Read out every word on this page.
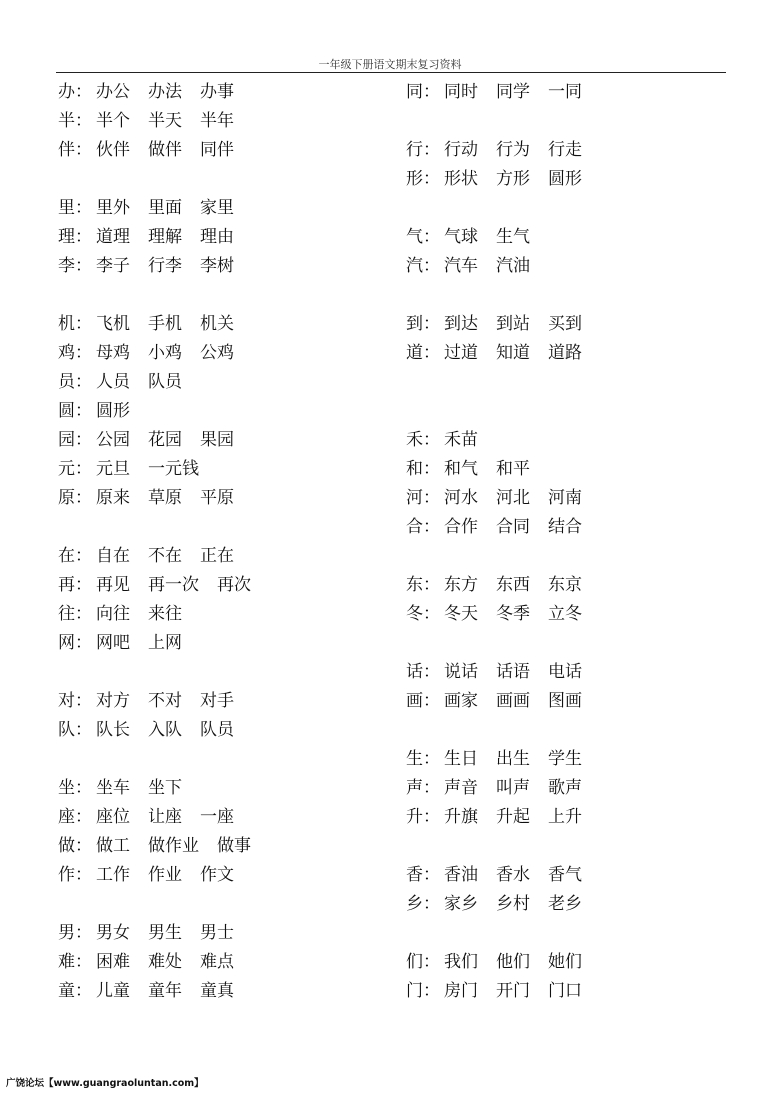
一年级下册语文期末复习资料
办： 办公 办法 办事
半： 半个 半天 半年
伴： 伙伴 做伴 同伴
里： 里外 里面 家里
理： 道理 理解 理由
李： 李子 行李 李树
机： 飞机 手机 机关
鸡： 母鸡 小鸡 公鸡
员： 人员 队员
圆： 圆形
园： 公园 花园 果园
元： 元旦 一元钱
原： 原来 草原 平原
在： 自在 不在 正在
再： 再见 再一次 再次
往： 向往 来往
网： 网吧 上网
对： 对方 不对 对手
队： 队长 入队 队员
坐： 坐车 坐下
座： 座位 让座 一座
做： 做工 做作业 做事
作： 工作 作业 作文
男： 男女 男生 男士
难： 困难 难处 难点
童： 儿童 童年 童真
同： 同时 同学 一同
行： 行动 行为 行走
形： 形状 方形 圆形
气： 气球 生气
汽： 汽车 汽油
到： 到达 到站 买到
道： 过道 知道 道路
禾： 禾苗
和： 和气 和平
河： 河水 河北 河南
合： 合作 合同 结合
东： 东方 东西 东京
冬： 冬天 冬季 立冬
话： 说话 话语 电话
画： 画家 画画 图画
生： 生日 出生 学生
声： 声音 叫声 歌声
升： 升旗 升起 上升
香： 香油 香水 香气
乡： 家乡 乡村 老乡
们： 我们 他们 她们
门： 房门 开门 门口
广饶论坛【www.guangraoluntan.com】
